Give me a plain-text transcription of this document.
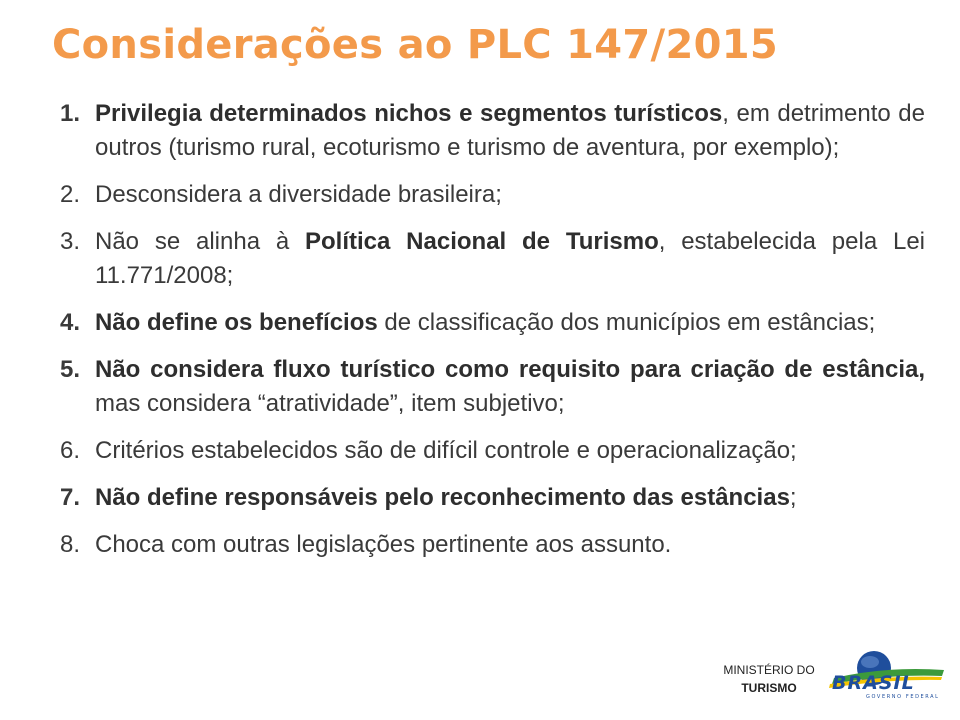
Considerações ao PLC 147/2015
1. Privilegia determinados nichos e segmentos turísticos, em detrimento de outros (turismo rural, ecoturismo e turismo de aventura, por exemplo);
2. Desconsidera a diversidade brasileira;
3. Não se alinha à Política Nacional de Turismo, estabelecida pela Lei 11.771/2008;
4. Não define os benefícios de classificação dos municípios em estâncias;
5. Não considera fluxo turístico como requisito para criação de estância, mas considera “atratividade”, item subjetivo;
6. Critérios estabelecidos são de difícil controle e operacionalização;
7. Não define responsáveis pelo reconhecimento das estâncias;
8. Choca com outras legislações pertinente aos assunto.
MINISTÉRIO DO
TURISMO	BRASIL
GOVERNO FEDERAL
